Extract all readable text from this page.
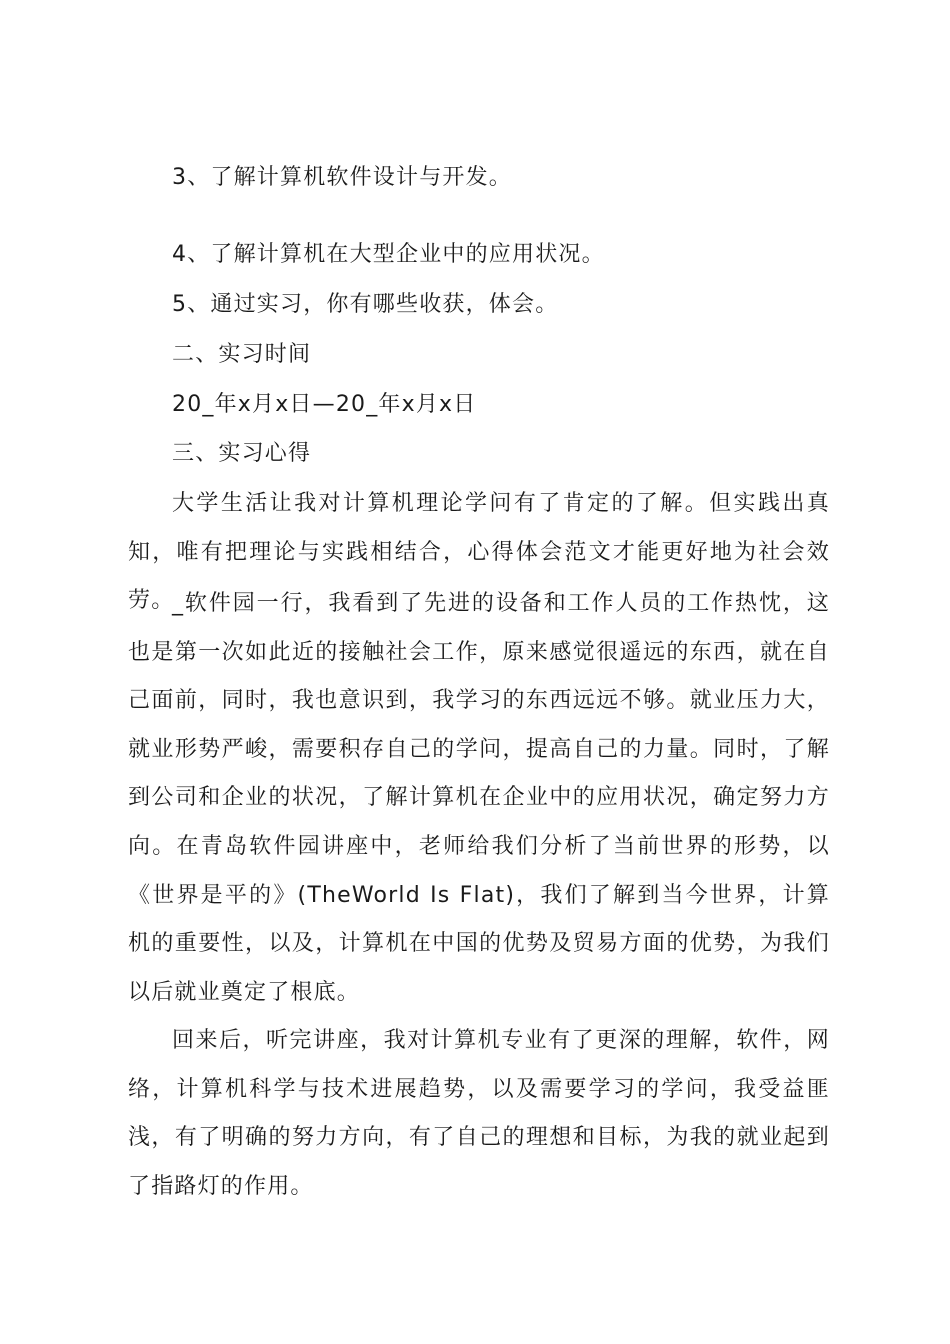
3、了解计算机软件设计与开发。
4、了解计算机在大型企业中的应用状况。
5、通过实习，你有哪些收获，体会。
二、实习时间
20_年x月x日—20_年x月x日
三、实习心得

大学生活让我对计算机理论学问有了肯定的了解。但实践出真知，唯有把理论与实践相结合，心得体会范文才能更好地为社会效劳。

_软件园一行，我看到了先进的设备和工作人员的工作热忱，这也是第一次如此近的接触社会工作，原来感觉很遥远的东西，就在自己面前，同时，我也意识到，我学习的东西远远不够。就业压力大，就业形势严峻，需要积存自己的学问，提高自己的力量。同时，了解到公司和企业的状况，了解计算机在企业中的应用状况，确定努力方向。在青岛软件园讲座中，老师给我们分析了当前世界的形势，以《世界是平的》(TheWorld Is Flat)，我们了解到当今世界，计算机的重要性，以及，计算机在中国的优势及贸易方面的优势，为我们以后就业奠定了根底。

回来后，听完讲座，我对计算机专业有了更深的理解，软件，网络，计算机科学与技术进展趋势，以及需要学习的学问，我受益匪浅，有了明确的努力方向，有了自己的理想和目标，为我的就业起到了指路灯的作用。
